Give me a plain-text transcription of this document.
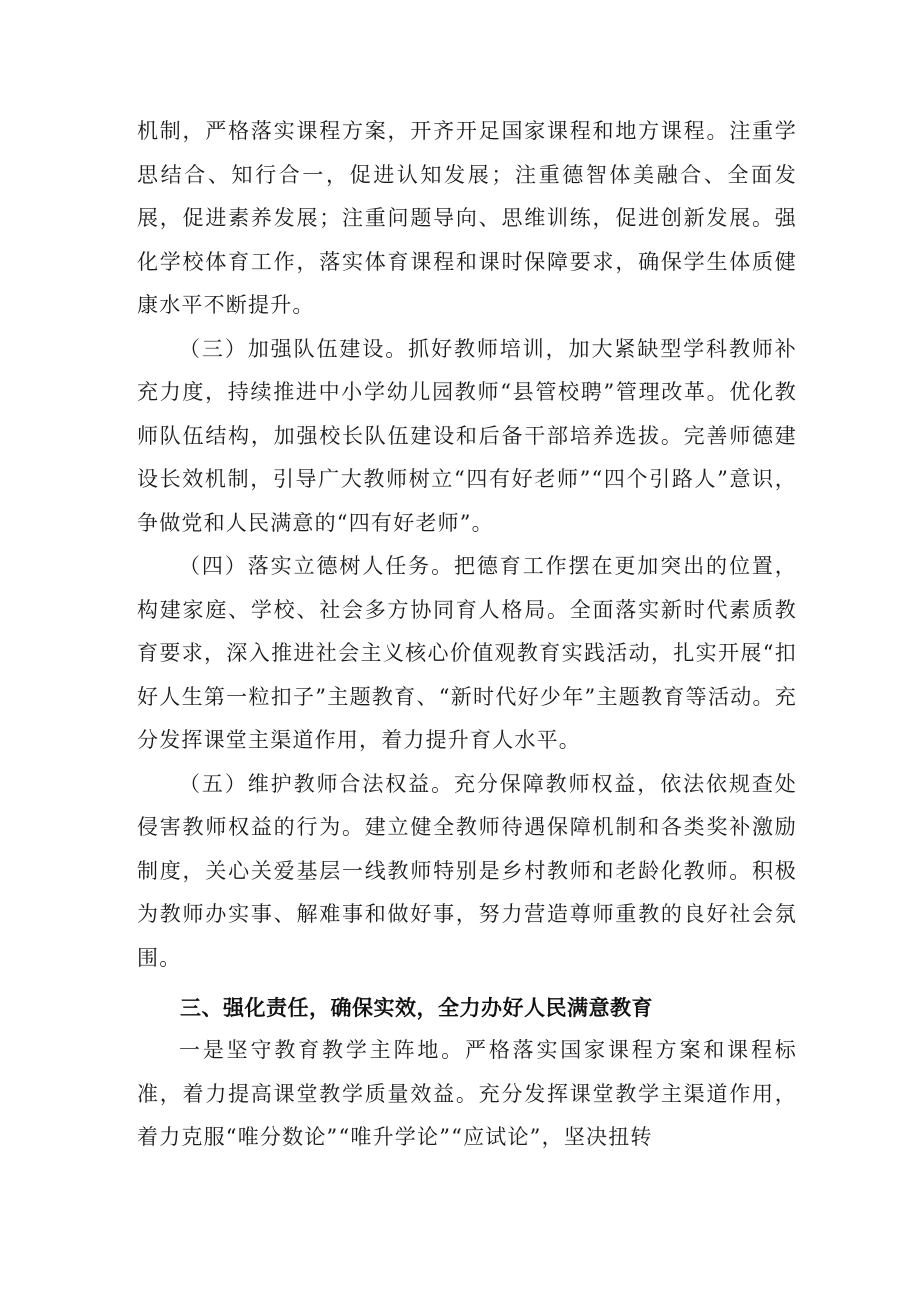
机制，严格落实课程方案，开齐开足国家课程和地方课程。注重学思结合、知行合一，促进认知发展；注重德智体美融合、全面发展，促进素养发展；注重问题导向、思维训练，促进创新发展。强化学校体育工作，落实体育课程和课时保障要求，确保学生体质健康水平不断提升。

（三）加强队伍建设。抓好教师培训，加大紧缺型学科教师补充力度，持续推进中小学幼儿园教师“县管校聘”管理改革。优化教师队伍结构，加强校长队伍建设和后备干部培养选拔。完善师德建设长效机制，引导广大教师树立“四有好老师”“四个引路人”意识，争做党和人民满意的“四有好老师”。

（四）落实立德树人任务。把德育工作摆在更加突出的位置，构建家庭、学校、社会多方协同育人格局。全面落实新时代素质教育要求，深入推进社会主义核心价值观教育实践活动，扎实开展“扣好人生第一粒扣子”主题教育、“新时代好少年”主题教育等活动。充分发挥课堂主渠道作用，着力提升育人水平。

（五）维护教师合法权益。充分保障教师权益，依法依规查处侵害教师权益的行为。建立健全教师待遇保障机制和各类奖补激励制度，关心关爱基层一线教师特别是乡村教师和老龄化教师。积极为教师办实事、解难事和做好事，努力营造尊师重教的良好社会氛围。

三、强化责任，确保实效，全力办好人民满意教育

一是坚守教育教学主阵地。严格落实国家课程方案和课程标准，着力提高课堂教学质量效益。充分发挥课堂教学主渠道作用，着力克服“唯分数论”“唯升学论”“应试论”，坚决扭转
